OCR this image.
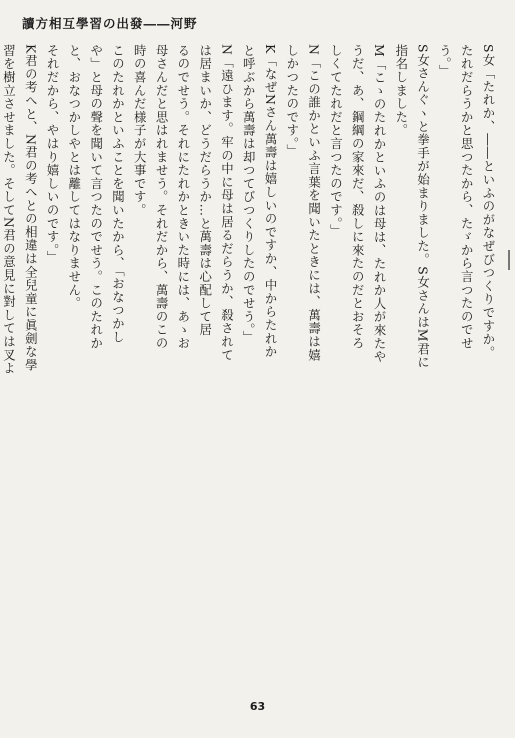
讀方相互學習の出發――河野
S女「たれか、――といふのがなぜびつくりですか。
たれだらうかと思つたから、たゞから言つたのでせ
う。」
S女さんぐヽと拳手が始まりました。S女さんはM君に
指名しました。
M「こゝのたれかといふのは母は、たれか人が來たや
うだ、あ、鋼綱の家來だ、殺しに來たのだとおそろ
しくてたれだと言つたのです。」
N「この誰かといふ言葉を聞いたときには、萬壽は嬉
しかつたのです。」
K「なぜNさん萬壽は嬉しいのですか、中からたれか
と呼ぶから萬壽は却つてびつくりしたのでせう。」
N「遠ひます。牢の中に母は居るだらうか、殺されて
は居まいか、どうだらうか…と萬壽は心配して居
るのでせう。それにたれかときいた時には、あゝお
母さんだと思はれませう。それだから、萬壽のこの
時の喜んだ様子が大事です。
このたれかといふことを聞いたから、「おなつかし
や」と母の聲を聞いて言つたのでせう。このたれか
と、おなつかしやとは離してはなりません。
それだから、やはり嬉しいのです。」
K君の考へと、N君の考へとの相違は全兒童に眞劍な學
習を樹立させました。そしてN君の意見に對しては叉よ
63
